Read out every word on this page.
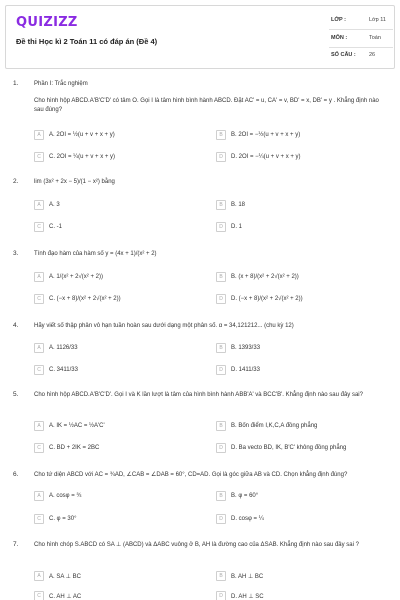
QUIZIZZ
Đề thi Học kì 2 Toán 11 có đáp án (Đề 4)
LỚP :	Lớp 11
MÔN :	Toán
SỐ CÂU : 26
1.	Phần I: Trắc nghiệm
Cho hình hộp ABCD.A'B'C'D' có tâm O. Gọi I là tâm hình bình hành ABCD. Đặt AC' = u, CA' = v, BD' = x, DB' = y . Khẳng định nào sau đúng?
A	A. 2OI = ½(u + v + x + y)	B	B. 2OI = −½(u + v + x + y)
C	C. 2OI = ¼(u + v + x + y)	D	D. 2OI = −¼(u + v + x + y)
2.	lim (3x² + 2x − 5)/(1 − x²) bằng
A	A. 3	B	B. 18
C	C. -1	D	D. 1
3.	Tính đạo hàm của hàm số y = (4x + 1)/(x² + 2)
A	A. 1/(x² + 2√(x² + 2))	B	B. (x + 8)/(x² + 2√(x² + 2))
C	C. (−x + 8)/(x² + 2√(x² + 2))	D	D. (−x + 8)/(x² + 2√(x² + 2))
4.	Hãy viết số thập phân vô hạn tuần hoàn sau dưới dạng một phân số. α = 34,121212... (chu kỳ 12)
A	A. 1126/33	B	B. 1393/33
C	C. 3411/33	D	D. 1411/33
5.	Cho hình hộp ABCD.A'B'C'D'. Gọi I và K lần lượt là tâm của hình bình hành ABB'A' và BCC'B'. Khẳng định nào sau đây sai?
A	A. IK = ½AC = ½A'C'	B	B. Bốn điểm I,K,C,A đồng phẳng
C	C. BD + 2IK = 2BC	D	D. Ba vecto BD, IK, B'C' không đồng phẳng
6.	Cho tứ diện ABCD với AC = ¾AD, ∠CAB = ∠DAB = 60°, CD=AD. Gọi là góc giữa AB và CD. Chọn khẳng định đúng?
A	A. cosφ = ¾	B	B. φ = 60°
C	C. φ = 30°	D	D. cosφ = ¼
7.	Cho hình chóp S.ABCD có SA ⊥ (ABCD) và ΔABC vuông ở B, AH là đường cao của ΔSAB. Khẳng định nào sau đây sai ?
A	A. SA ⊥ BC	B	B. AH ⊥ BC
C	C. AH ⊥ AC	D	D. AH ⊥ SC
